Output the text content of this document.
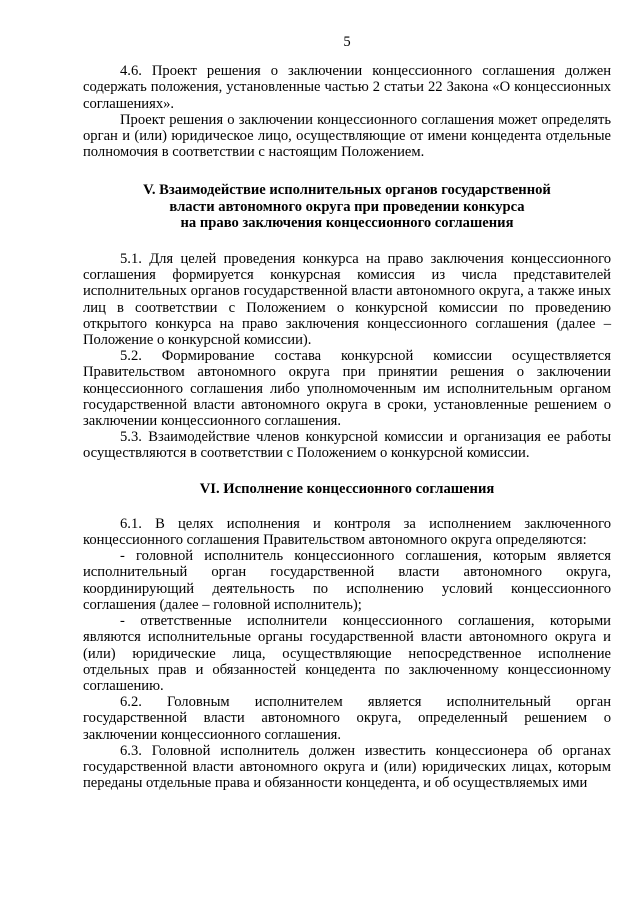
5

4.6. Проект решения о заключении концессионного соглашения должен содержать положения, установленные частью 2 статьи 22 Закона «О концессионных соглашениях».

Проект решения о заключении концессионного соглашения может определять орган и (или) юридическое лицо, осуществляющие от имени концедента отдельные полномочия в соответствии с настоящим Положением.

V. Взаимодействие исполнительных органов государственной
власти автономного округа при проведении конкурса
на право заключения концессионного соглашения

5.1. Для целей проведения конкурса на право заключения концессионного соглашения формируется конкурсная комиссия из числа представителей исполнительных органов государственной власти автономного округа, а также иных лиц в соответствии с Положением о конкурсной комиссии по проведению открытого конкурса на право заключения концессионного соглашения (далее – Положение о конкурсной комиссии).

5.2. Формирование состава конкурсной комиссии осуществляется Правительством автономного округа при принятии решения о заключении концессионного соглашения либо уполномоченным им исполнительным органом государственной власти автономного округа в сроки, установленные решением о заключении концессионного соглашения.

5.3. Взаимодействие членов конкурсной комиссии и организация ее работы осуществляются в соответствии с Положением о конкурсной комиссии.

VI. Исполнение концессионного соглашения

6.1. В целях исполнения и контроля за исполнением заключенного концессионного соглашения Правительством автономного округа определяются:

- головной исполнитель концессионного соглашения, которым является исполнительный орган государственной власти автономного округа, координирующий деятельность по исполнению условий концессионного соглашения (далее – головной исполнитель);

- ответственные исполнители концессионного соглашения, которыми являются исполнительные органы государственной власти автономного округа и (или) юридические лица, осуществляющие непосредственное исполнение отдельных прав и обязанностей концедента по заключенному концессионному соглашению.

6.2. Головным исполнителем является исполнительный орган государственной власти автономного округа, определенный решением о заключении концессионного соглашения.

6.3. Головной исполнитель должен известить концессионера об органах государственной власти автономного округа и (или) юридических лицах, которым переданы отдельные права и обязанности концедента, и об осуществляемых ими
